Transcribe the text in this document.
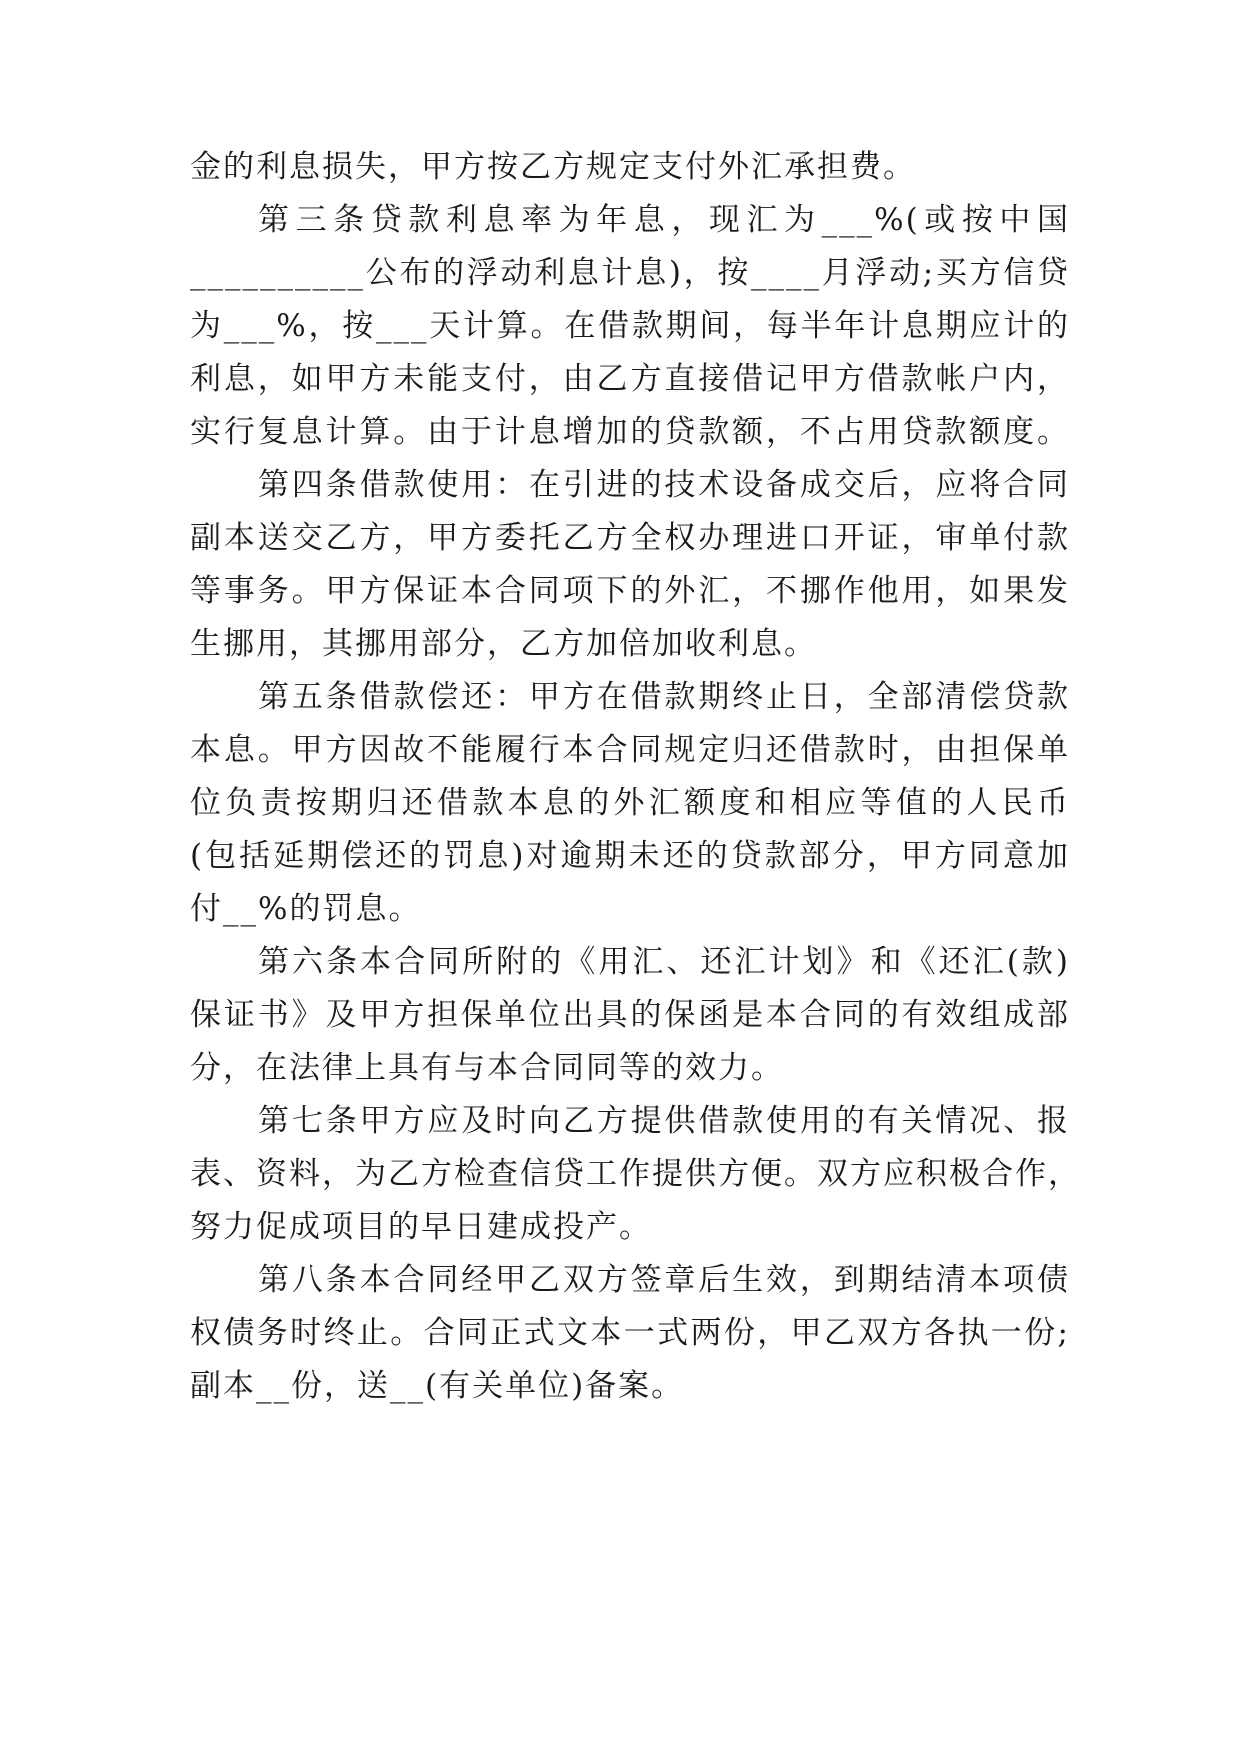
金的利息损失，甲方按乙方规定支付外汇承担费。
第三条贷款利息率为年息，现汇为___%(或按中国
__________公布的浮动利息计息)，按____月浮动;买方信贷
为___%，按___天计算。在借款期间，每半年计息期应计的
利息，如甲方未能支付，由乙方直接借记甲方借款帐户内，
实行复息计算。由于计息增加的贷款额，不占用贷款额度。
第四条借款使用：在引进的技术设备成交后，应将合同
副本送交乙方，甲方委托乙方全权办理进口开证，审单付款
等事务。甲方保证本合同项下的外汇，不挪作他用，如果发
生挪用，其挪用部分，乙方加倍加收利息。
第五条借款偿还：甲方在借款期终止日，全部清偿贷款
本息。甲方因故不能履行本合同规定归还借款时，由担保单
位负责按期归还借款本息的外汇额度和相应等值的人民币
(包括延期偿还的罚息)对逾期未还的贷款部分，甲方同意加
付__%的罚息。
第六条本合同所附的《用汇、还汇计划》和《还汇(款)
保证书》及甲方担保单位出具的保函是本合同的有效组成部
分，在法律上具有与本合同同等的效力。
第七条甲方应及时向乙方提供借款使用的有关情况、报
表、资料，为乙方检查信贷工作提供方便。双方应积极合作，
努力促成项目的早日建成投产。
第八条本合同经甲乙双方签章后生效，到期结清本项债
权债务时终止。合同正式文本一式两份，甲乙双方各执一份;
副本__份，送__(有关单位)备案。
